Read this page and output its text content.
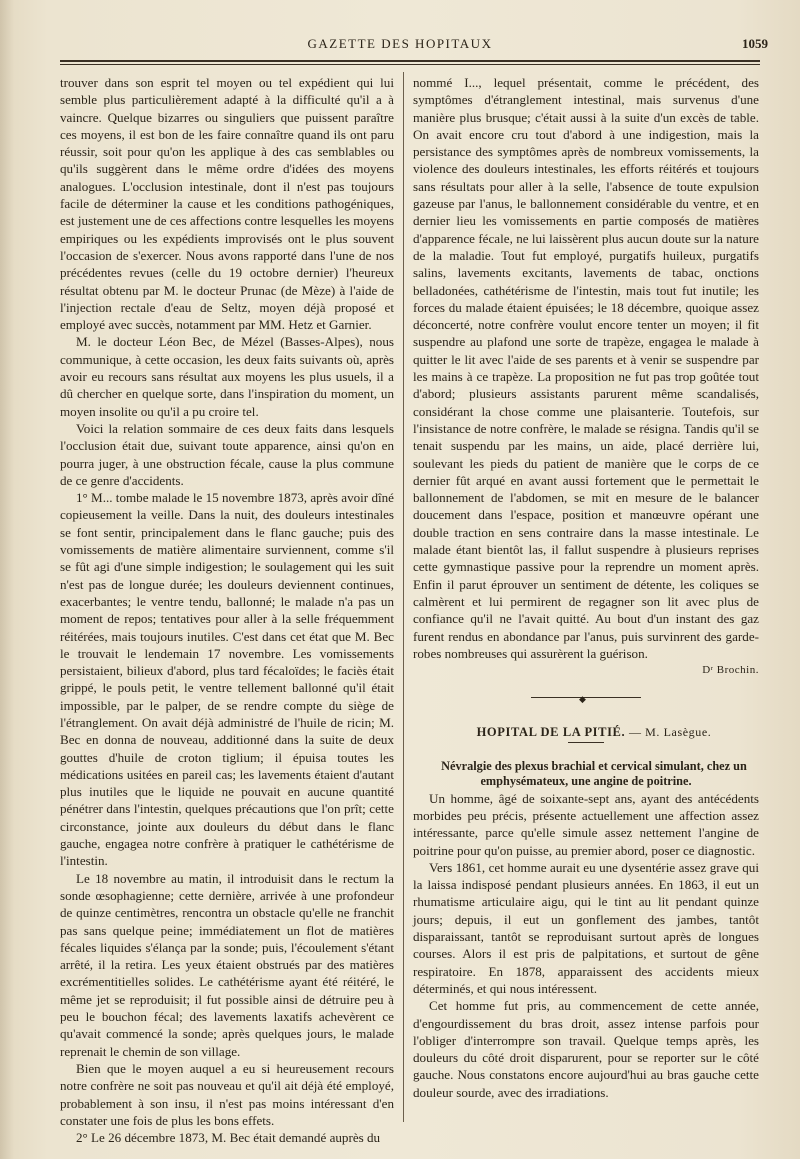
GAZETTE DES HOPITAUX	1059

trouver dans son esprit tel moyen ou tel expédient qui lui semble plus particulièrement adapté à la difficulté qu'il a à vaincre. Quelque bizarres ou singuliers que puissent paraître ces moyens, il est bon de les faire connaître quand ils ont paru réussir, soit pour qu'on les applique à des cas semblables ou qu'ils suggèrent dans le même ordre d'idées des moyens analogues. L'occlusion intestinale, dont il n'est pas toujours facile de déterminer la cause et les conditions pathogéniques, est justement une de ces affections contre lesquelles les moyens empiriques ou les expédients improvisés ont le plus souvent l'occasion de s'exercer. Nous avons rapporté dans l'une de nos précédentes revues (celle du 19 octobre dernier) l'heureux résultat obtenu par M. le docteur Prunac (de Mèze) à l'aide de l'injection rectale d'eau de Seltz, moyen déjà proposé et employé avec succès, notamment par MM. Hetz et Garnier.

M. le docteur Léon Bec, de Mézel (Basses-Alpes), nous communique, à cette occasion, les deux faits suivants où, après avoir eu recours sans résultat aux moyens les plus usuels, il a dû chercher en quelque sorte, dans l'inspiration du moment, un moyen insolite ou qu'il a pu croire tel.

Voici la relation sommaire de ces deux faits dans lesquels l'occlusion était due, suivant toute apparence, ainsi qu'on en pourra juger, à une obstruction fécale, cause la plus commune de ce genre d'accidents.

1° M... tombe malade le 15 novembre 1873, après avoir dîné copieusement la veille. Dans la nuit, des douleurs intestinales se font sentir, principalement dans le flanc gauche; puis des vomissements de matière alimentaire surviennent, comme s'il se fût agi d'une simple indigestion; le soulagement qui les suit n'est pas de longue durée; les douleurs deviennent continues, exacerbantes; le ventre tendu, ballonné; le malade n'a pas un moment de repos; tentatives pour aller à la selle fréquemment réitérées, mais toujours inutiles. C'est dans cet état que M. Bec le trouvait le lendemain 17 novembre. Les vomissements persistaient, bilieux d'abord, plus tard fécaloïdes; le faciès était grippé, le pouls petit, le ventre tellement ballonné qu'il était impossible, par le palper, de se rendre compte du siège de l'étranglement. On avait déjà administré de l'huile de ricin; M. Bec en donna de nouveau, additionné dans la suite de deux gouttes d'huile de croton tiglium; il épuisa toutes les médications usitées en pareil cas; les lavements étaient d'autant plus inutiles que le liquide ne pouvait en aucune quantité pénétrer dans l'intestin, quelques précautions que l'on prît; cette circonstance, jointe aux douleurs du début dans le flanc gauche, engagea notre confrère à pratiquer le cathétérisme de l'intestin.

Le 18 novembre au matin, il introduisit dans le rectum la sonde œsophagienne; cette dernière, arrivée à une profondeur de quinze centimètres, rencontra un obstacle qu'elle ne franchit pas sans quelque peine; immédiatement un flot de matières fécales liquides s'élança par la sonde; puis, l'écoulement s'étant arrêté, il la retira. Les yeux étaient obstrués par des matières excrémentitielles solides. Le cathétérisme ayant été réitéré, le même jet se reproduisit; il fut possible ainsi de détruire peu à peu le bouchon fécal; des lavements laxatifs achevèrent ce qu'avait commencé la sonde; après quelques jours, le malade reprenait le chemin de son village.

Bien que le moyen auquel a eu si heureusement recours notre confrère ne soit pas nouveau et qu'il ait déjà été employé, probablement à son insu, il n'est pas moins intéressant d'en constater une fois de plus les bons effets.

2° Le 26 décembre 1873, M. Bec était demandé auprès du

nommé I..., lequel présentait, comme le précédent, des symptômes d'étranglement intestinal, mais survenus d'une manière plus brusque; c'était aussi à la suite d'un excès de table. On avait encore cru tout d'abord à une indigestion, mais la persistance des symptômes après de nombreux vomissements, la violence des douleurs intestinales, les efforts réitérés et toujours sans résultats pour aller à la selle, l'absence de toute expulsion gazeuse par l'anus, le ballonnement considérable du ventre, et en dernier lieu les vomissements en partie composés de matières d'apparence fécale, ne lui laissèrent plus aucun doute sur la nature de la maladie. Tout fut employé, purgatifs huileux, purgatifs salins, lavements excitants, lavements de tabac, onctions belladonées, cathétérisme de l'intestin, mais tout fut inutile; les forces du malade étaient épuisées; le 18 décembre, quoique assez déconcerté, notre confrère voulut encore tenter un moyen; il fit suspendre au plafond une sorte de trapèze, engagea le malade à quitter le lit avec l'aide de ses parents et à venir se suspendre par les mains à ce trapèze. La proposition ne fut pas trop goûtée tout d'abord; plusieurs assistants parurent même scandalisés, considérant la chose comme une plaisanterie. Toutefois, sur l'insistance de notre confrère, le malade se résigna. Tandis qu'il se tenait suspendu par les mains, un aide, placé derrière lui, soulevant les pieds du patient de manière que le corps de ce dernier fût arqué en avant aussi fortement que le permettait le ballonnement de l'abdomen, se mit en mesure de le balancer doucement dans l'espace, position et manœuvre opérant une double traction en sens contraire dans la masse intestinale. Le malade étant bientôt las, il fallut suspendre à plusieurs reprises cette gymnastique passive pour la reprendre un moment après. Enfin il parut éprouver un sentiment de détente, les coliques se calmèrent et lui permirent de regagner son lit avec plus de confiance qu'il ne l'avait quitté. Au bout d'un instant des gaz furent rendus en abondance par l'anus, puis survinrent des garde-robes nombreuses qui assurèrent la guérison.

Dʳ Brochin.

◆

HOPITAL DE LA PITIÉ. — M. Lasègue.

Névralgie des plexus brachial et cervical simulant, chez un emphysémateux, une angine de poitrine.

Un homme, âgé de soixante-sept ans, ayant des antécédents morbides peu précis, présente actuellement une affection assez intéressante, parce qu'elle simule assez nettement l'angine de poitrine pour qu'on puisse, au premier abord, poser ce diagnostic.

Vers 1861, cet homme aurait eu une dysentérie assez grave qui la laissa indisposé pendant plusieurs années. En 1863, il eut un rhumatisme articulaire aigu, qui le tint au lit pendant quinze jours; depuis, il eut un gonflement des jambes, tantôt disparaissant, tantôt se reproduisant surtout après de longues courses. Alors il est pris de palpitations, et surtout de gêne respiratoire. En 1878, apparaissent des accidents mieux déterminés, et qui nous intéressent.

Cet homme fut pris, au commencement de cette année, d'engourdissement du bras droit, assez intense parfois pour l'obliger d'interrompre son travail. Quelque temps après, les douleurs du côté droit disparurent, pour se reporter sur le côté gauche. Nous constatons encore aujourd'hui au bras gauche cette douleur sourde, avec des irradiations.
